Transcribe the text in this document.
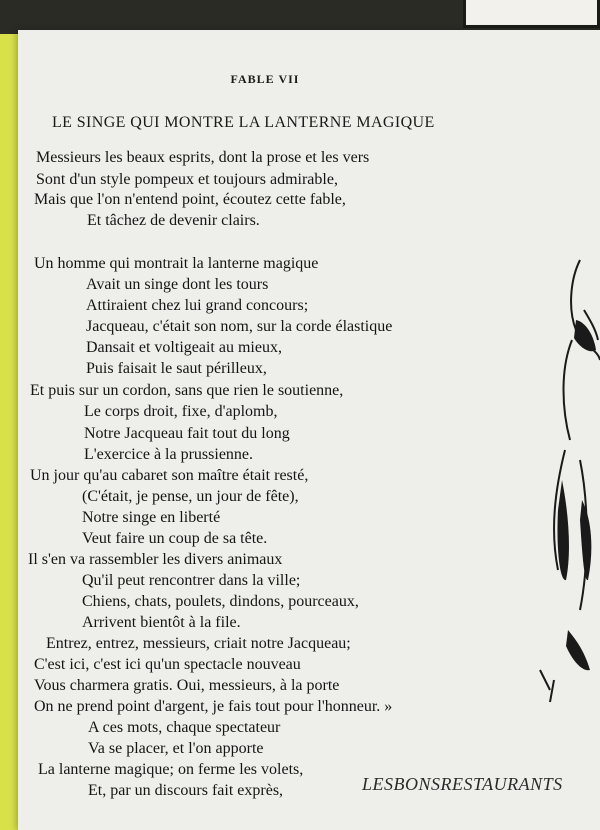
FABLE VII
LE SINGE QUI MONTRE LA LANTERNE MAGIQUE
Messieurs les beaux esprits, dont la prose et les vers
Sont d'un style pompeux et toujours admirable,
Mais que l'on n'entend point, écoutez cette fable,
Et tâchez de devenir clairs.
Un homme qui montrait la lanterne magique
Avait un singe dont les tours
Attiraient chez lui grand concours;
Jacqueau, c'était son nom, sur la corde élastique
Dansait et voltigeait au mieux,
Puis faisait le saut périlleux,
Et puis sur un cordon, sans que rien le soutienne,
Le corps droit, fixe, d'aplomb,
Notre Jacqueau fait tout du long
L'exercice à la prussienne.
Un jour qu'au cabaret son maître était resté,
(C'était, je pense, un jour de fête),
Notre singe en liberté
Veut faire un coup de sa tête.
Il s'en va rassembler les divers animaux
Qu'il peut rencontrer dans la ville;
Chiens, chats, poulets, dindons, pourceaux,
Arrivent bientôt à la file.
Entrez, entrez, messieurs, criait notre Jacqueau;
C'est ici, c'est ici qu'un spectacle nouveau
Vous charmera gratis. Oui, messieurs, à la porte
On ne prend point d'argent, je fais tout pour l'honneur. »
A ces mots, chaque spectateur
Va se placer, et l'on apporte
La lanterne magique; on ferme les volets,
Et, par un discours fait exprès,	LESBONSRESTAURANTS
